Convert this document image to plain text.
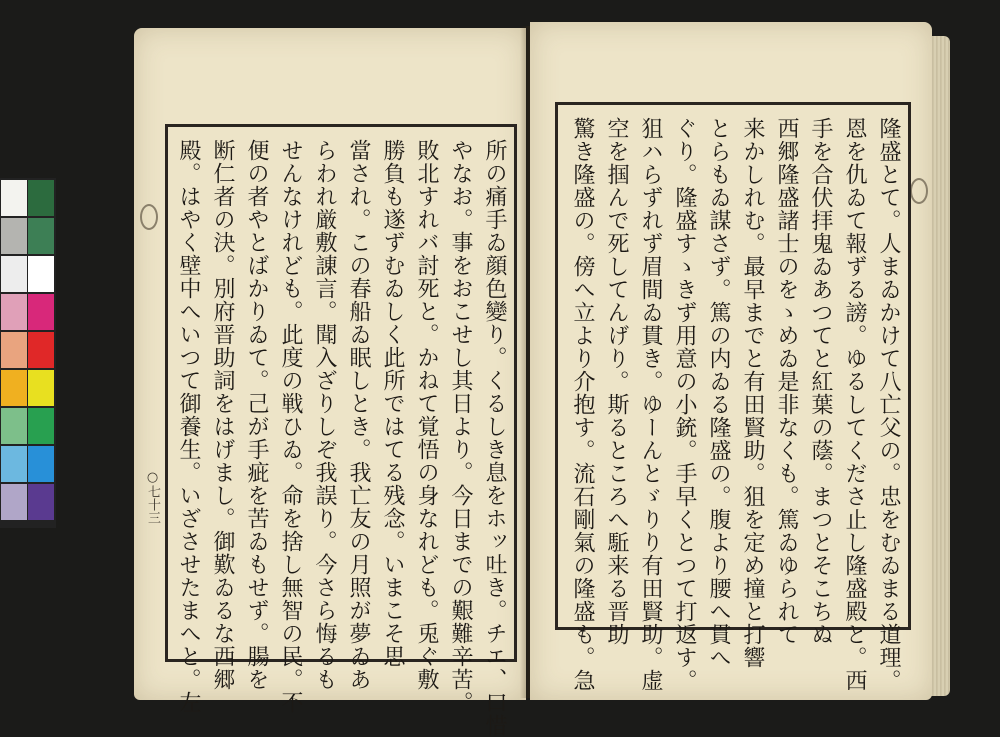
所の痛手ゐ顔色變り。くるしき息をホッ吐き。チエ、口惜
やなお。事をおこせし其日より。今日までの艱難辛苦。
敗北すれバ討死と。かねて覚悟の身なれども。兎ぐ敷
勝負も遂ずむゐしく此所ではてる残念。いまこそ思
當され。この春船ゐ眠しとき。我亡友の月照が夢ゐあ
らわれ厳敷諌言。聞入ざりしぞ我誤り。今さら悔るも
せんなけれども。此度の戦ひゐ。命を捨し無智の民。不
便の者やとばかりゐて。己が手疵を苦ゐもせず。腸を
断仁者の決。別府晋助詞をはげまし。御歎ゐるな西郷
殿。はやく壁中へいつて御養生。いざさせたまへと。左
○七十三	隆盛とて。人まゐかけて八亡父の。忠をむゐまる道理。
恩を仇ゐて報ずる謗。ゆるしてくださ止し隆盛殿と。西
手を合伏拝鬼ゐあつてと紅葉の蔭。まつとそこちぬ
西郷隆盛諸士のをゝめゐ是非なくも。篤ゐゆられて
来かしれむ。最早までと有田賢助。狙を定め撞と打響
とらもゐ謀さず。篤の内ゐる隆盛の。腹より腰へ貫へ
ぐり。隆盛すゝきず用意の小銃。手早くとつて打返す。
狙ハらずれず眉間ゐ貫き。ゆーんとゞりり有田賢助。虚
空を掴んで死してんげり。斯るところへ駈来る晋助
驚き隆盛の。傍へ立より介抱す。流石剛氣の隆盛も。急
